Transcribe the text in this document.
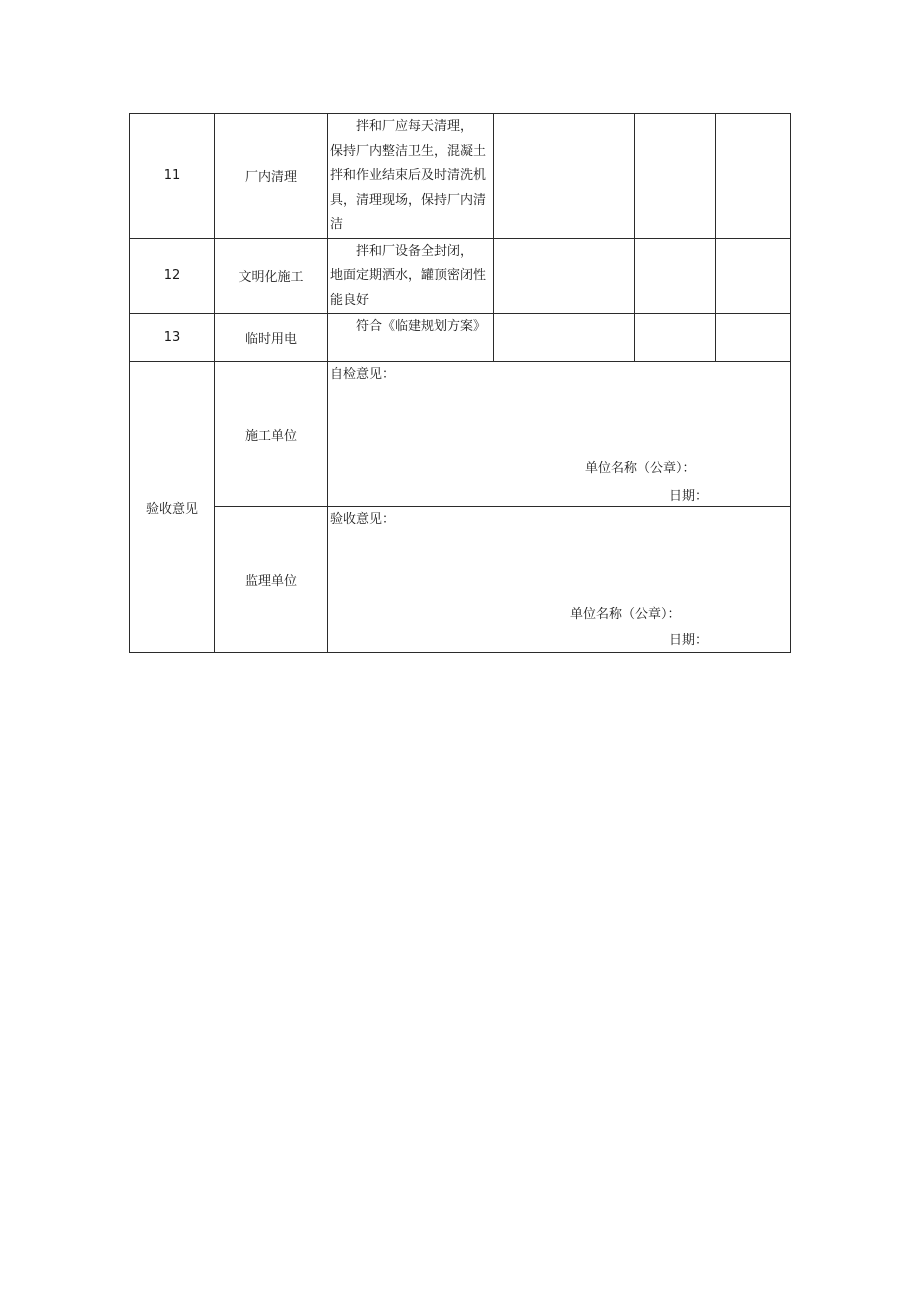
11	厂内清理	拌和厂应每天清理，
保持厂内整洁卫生，混凝土拌和作业结束后及时清洗机具，清理现场，保持厂内清洁			
12	文明化施工	拌和厂设备全封闭，
地面定期洒水，罐顶密闭性能良好			
13	临时用电	符合《临建规划方案》			

验收意见	施工单位	自检意见：
单位名称（公章）：
日期：			

	监理单位	验收意见：
单位名称（公章）：
日期：			
